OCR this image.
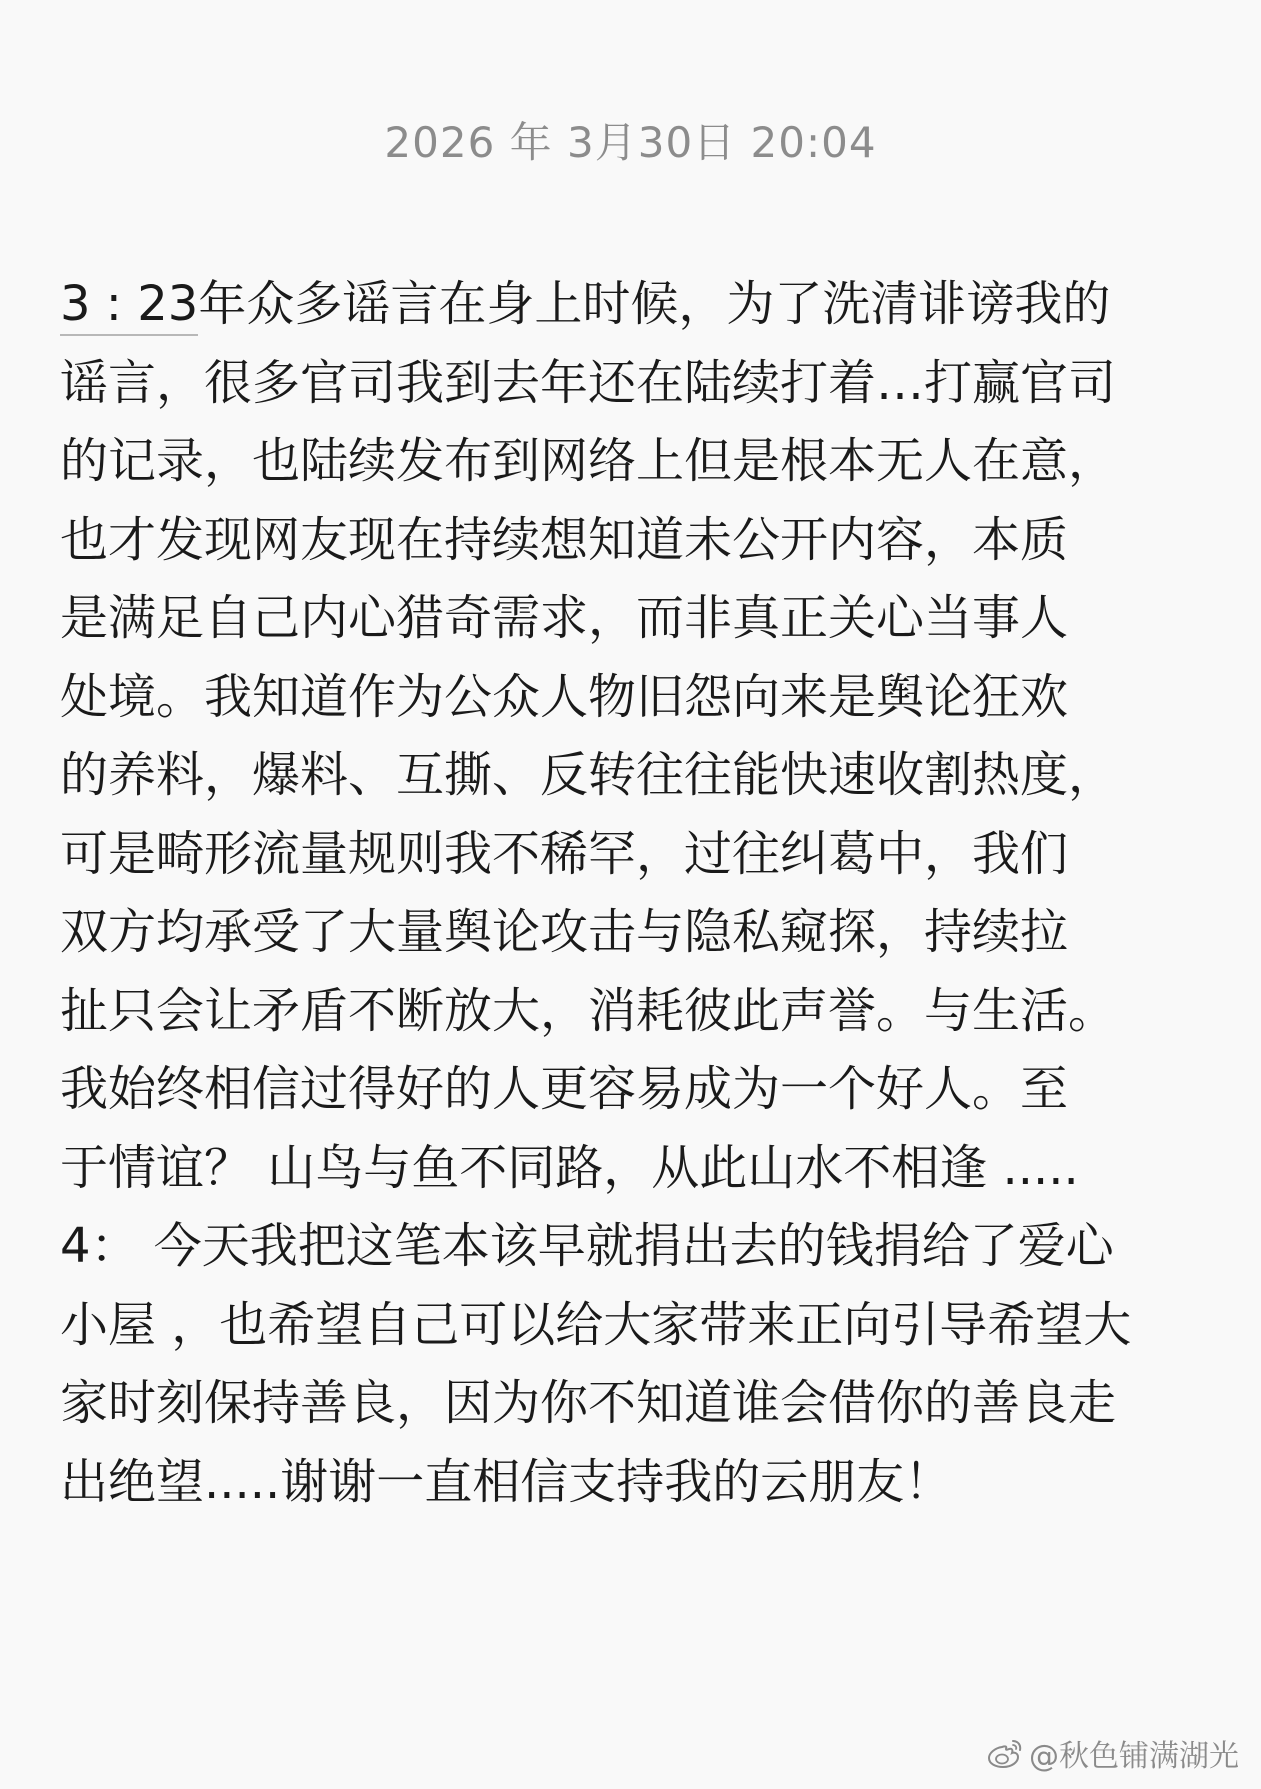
2026 年 3月30日 20:04
3 : 23年众多谣言在身上时候，为了洗清诽谤我的
谣言，很多官司我到去年还在陆续打着…打赢官司
的记录，也陆续发布到网络上但是根本无人在意，
也才发现网友现在持续想知道未公开内容，本质
是满足自己内心猎奇需求，而非真正关心当事人
处境。我知道作为公众人物旧怨向来是舆论狂欢
的养料，爆料、互撕、反转往往能快速收割热度，
可是畸形流量规则我不稀罕，过往纠葛中，我们
双方均承受了大量舆论攻击与隐私窥探，持续拉
扯只会让矛盾不断放大，消耗彼此声誉。与生活。
我始终相信过得好的人更容易成为一个好人。至
于情谊？ 山鸟与鱼不同路，从此山水不相逢 .....
4： 今天我把这笔本该早就捐出去的钱捐给了爱心
小屋 ，也希望自己可以给大家带来正向引导希望大
家时刻保持善良，因为你不知道谁会借你的善良走
出绝望.....谢谢一直相信支持我的云朋友！
@秋色铺满湖光
